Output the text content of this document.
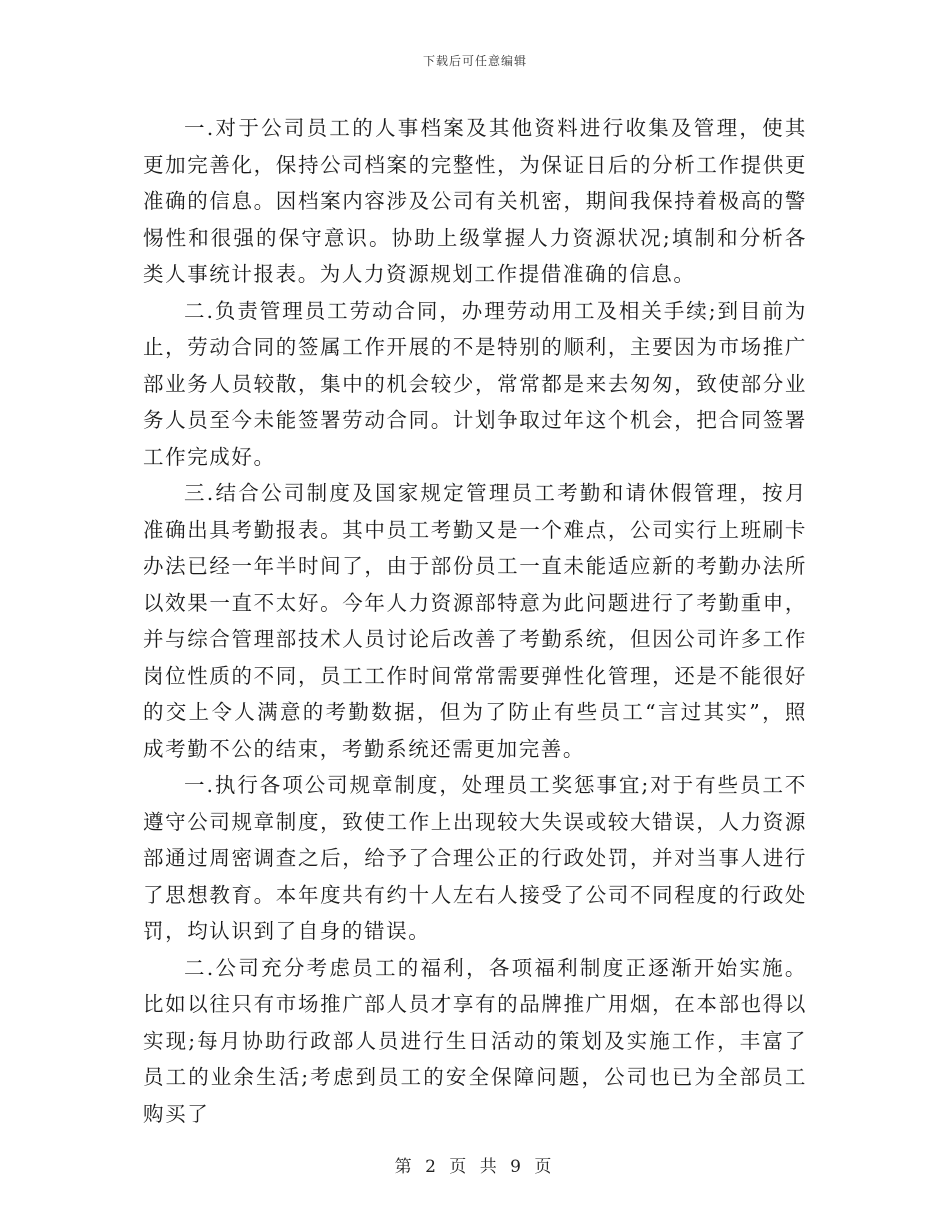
下载后可任意编辑

一.对于公司员工的人事档案及其他资料进行收集及管理，使其更加完善化，保持公司档案的完整性，为保证日后的分析工作提供更准确的信息。因档案内容涉及公司有关机密，期间我保持着极高的警惕性和很强的保守意识。协助上级掌握人力资源状况;填制和分析各类人事统计报表。为人力资源规划工作提借准确的信息。

二.负责管理员工劳动合同，办理劳动用工及相关手续;到目前为止，劳动合同的签属工作开展的不是特别的顺利，主要因为市场推广部业务人员较散，集中的机会较少，常常都是来去匆匆，致使部分业务人员至今未能签署劳动合同。计划争取过年这个机会，把合同签署工作完成好。

三.结合公司制度及国家规定管理员工考勤和请休假管理，按月准确出具考勤报表。其中员工考勤又是一个难点，公司实行上班刷卡办法已经一年半时间了，由于部份员工一直未能适应新的考勤办法所以效果一直不太好。今年人力资源部特意为此问题进行了考勤重申，并与综合管理部技术人员讨论后改善了考勤系统，但因公司许多工作岗位性质的不同，员工工作时间常常需要弹性化管理，还是不能很好的交上令人满意的考勤数据，但为了防止有些员工“言过其实”，照成考勤不公的结束，考勤系统还需更加完善。

一.执行各项公司规章制度，处理员工奖惩事宜;对于有些员工不遵守公司规章制度，致使工作上出现较大失误或较大错误，人力资源部通过周密调查之后，给予了合理公正的行政处罚，并对当事人进行了思想教育。本年度共有约十人左右人接受了公司不同程度的行政处罚，均认识到了自身的错误。

二.公司充分考虑员工的福利，各项福利制度正逐渐开始实施。比如以往只有市场推广部人员才享有的品牌推广用烟，在本部也得以实现;每月协助行政部人员进行生日活动的策划及实施工作，丰富了员工的业余生活;考虑到员工的安全保障问题，公司也已为全部员工购买了

第 2 页 共 9 页
